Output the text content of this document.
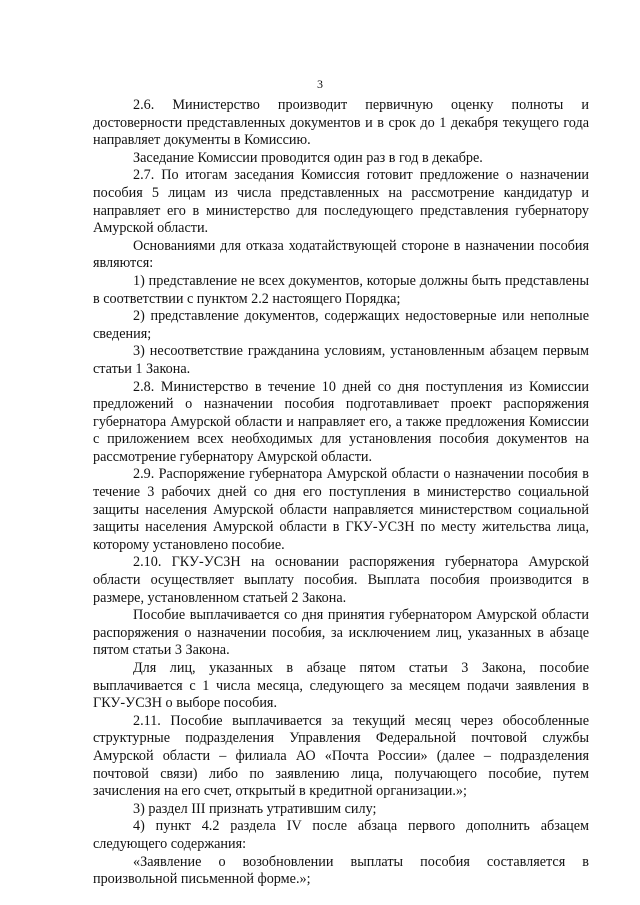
3

2.6. Министерство производит первичную оценку полноты и достоверности представленных документов и в срок до 1 декабря текущего года направляет документы в Комиссию.

Заседание Комиссии проводится один раз в год в декабре.

2.7. По итогам заседания Комиссия готовит предложение о назначении пособия 5 лицам из числа представленных на рассмотрение кандидатур и направляет его в министерство для последующего представления губернатору Амурской области.

Основаниями для отказа ходатайствующей стороне в назначении пособия являются:

1) представление не всех документов, которые должны быть представлены в соответствии с пунктом 2.2 настоящего Порядка;

2) представление документов, содержащих недостоверные или неполные сведения;

3) несоответствие гражданина условиям, установленным абзацем первым статьи 1 Закона.

2.8. Министерство в течение 10 дней со дня поступления из Комиссии предложений о назначении пособия подготавливает проект распоряжения губернатора Амурской области и направляет его, а также предложения Комиссии с приложением всех необходимых для установления пособия документов на рассмотрение губернатору Амурской области.

2.9. Распоряжение губернатора Амурской области о назначении пособия в течение 3 рабочих дней со дня его поступления в министерство социальной защиты населения Амурской области направляется министерством социальной защиты населения Амурской области в ГКУ-УСЗН по месту жительства лица, которому установлено пособие.

2.10. ГКУ-УСЗН на основании распоряжения губернатора Амурской области осуществляет выплату пособия. Выплата пособия производится в размере, установленном статьей 2 Закона.

Пособие выплачивается со дня принятия губернатором Амурской области распоряжения о назначении пособия, за исключением лиц, указанных в абзаце пятом статьи 3 Закона.

Для лиц, указанных в абзаце пятом статьи 3 Закона, пособие выплачивается с 1 числа месяца, следующего за месяцем подачи заявления в ГКУ-УСЗН о выборе пособия.

2.11. Пособие выплачивается за текущий месяц через обособленные структурные подразделения Управления Федеральной почтовой службы Амурской области – филиала АО «Почта России» (далее – подразделения почтовой связи) либо по заявлению лица, получающего пособие, путем зачисления на его счет, открытый в кредитной организации.»;

3) раздел III признать утратившим силу;

4) пункт 4.2 раздела IV после абзаца первого дополнить абзацем следующего содержания:

«Заявление о возобновлении выплаты пособия составляется в произвольной письменной форме.»;
